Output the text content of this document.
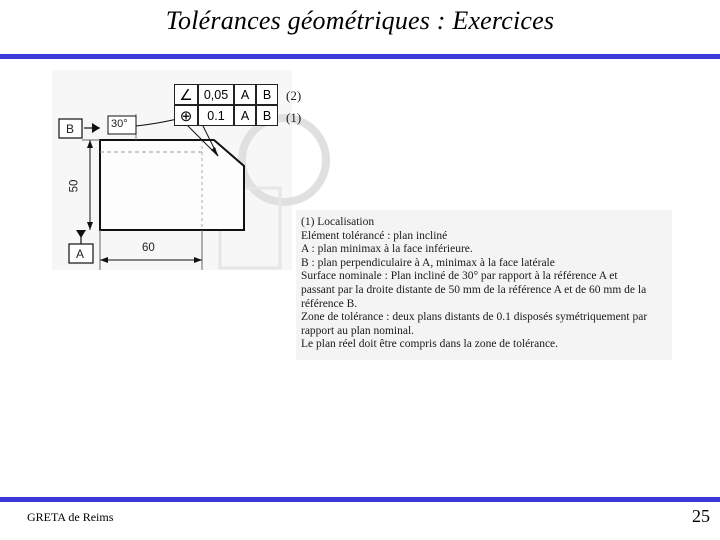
Tolérances géométriques : Exercices
B
A
30°
60
50
∠ 0,05	A	B
⊕	0.1	A	B
(2)
(1)

(1) Localisation

Elément tolérancé : plan incliné

A : plan minimax à la face inférieure.

B : plan perpendiculaire à A, minimax à la face latérale

Surface nominale : Plan incliné de 30° par rapport à la référence A et

passant par la droite distante de 50 mm de la référence A et de 60 mm de la

référence B.

Zone de tolérance : deux plans distants de 0.1 disposés symétriquement par

rapport au plan nominal.

Le plan réel doit être compris dans la zone de tolérance.

GRETA de Reims	25
